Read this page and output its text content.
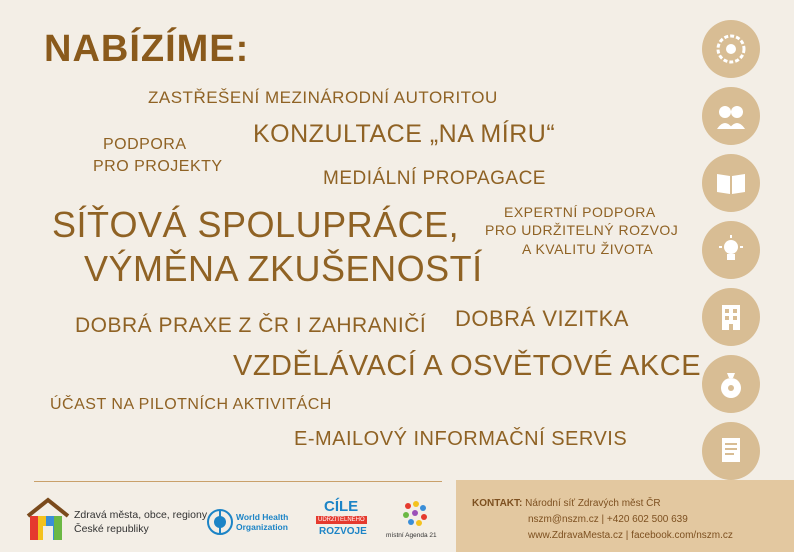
NABÍZÍME:
ZASTŘEŠENÍ MEZINÁRODNÍ AUTORITOU
KONZULTACE „NA MÍRU“
PODPORA
PRO PROJEKTY
MEDIÁLNÍ PROPAGACE
SÍŤOVÁ SPOLUPRÁCE,
VÝMĚNA ZKUŠENOSTÍ
EXPERTNÍ PODPORA
PRO UDRŽITELNÝ ROZVOJ
A KVALITU ŽIVOTA
DOBRÁ PRAXE Z ČR I ZAHRANIČÍ DOBRÁ VIZITKA
VZDĚLÁVACÍ A OSVĚTOVÉ AKCE
ÚČAST NA PILOTNÍCH AKTIVITÁCH
E-MAILOVÝ INFORMAČNÍ SERVIS
Zdravá města, obce, regiony
České republiky
World Health
Organization
CÍLE
UDRŽITELNÉHO
ROZVOJE	místní Agenda 21
KONTAKT: Národní síť Zdravých měst ČR
nszm@nszm.cz | +420 602 500 639
www.ZdravaMesta.cz | facebook.com/nszm.cz
